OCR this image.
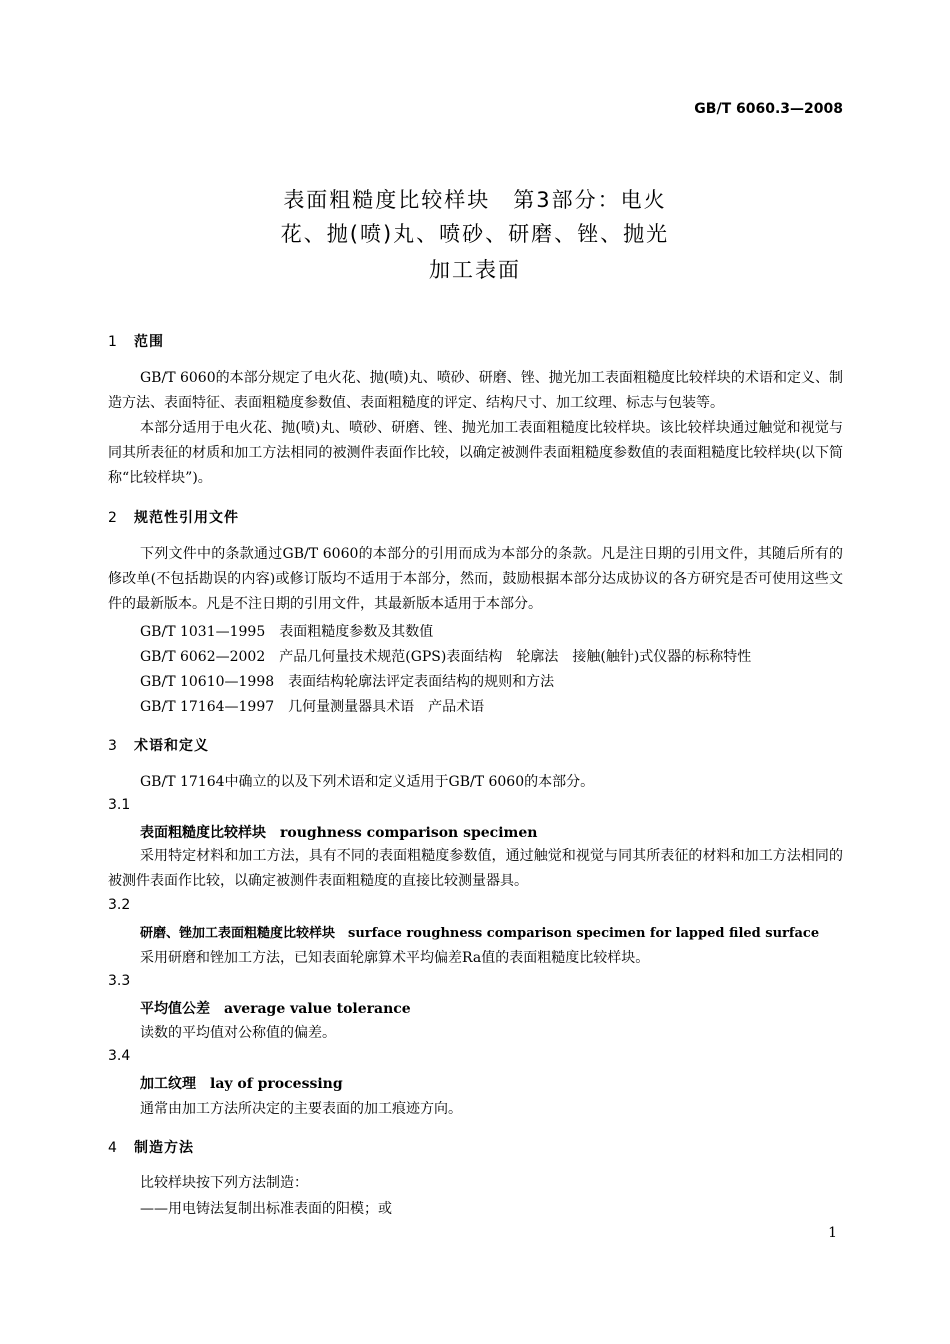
GB/T 6060.3—2008
表面粗糙度比较样块　第3部分：电火
花、抛(喷)丸、喷砂、研磨、锉、抛光
加工表面
1 范围
GB/T 6060的本部分规定了电火花、抛(喷)丸、喷砂、研磨、锉、抛光加工表面粗糙度比较样块的术语和定义、制造方法、表面特征、表面粗糙度参数值、表面粗糙度的评定、结构尺寸、加工纹理、标志与包装等。
本部分适用于电火花、抛(喷)丸、喷砂、研磨、锉、抛光加工表面粗糙度比较样块。该比较样块通过触觉和视觉与同其所表征的材质和加工方法相同的被测件表面作比较，以确定被测件表面粗糙度参数值的表面粗糙度比较样块(以下简称“比较样块”)。
2 规范性引用文件
下列文件中的条款通过GB/T 6060的本部分的引用而成为本部分的条款。凡是注日期的引用文件，其随后所有的修改单(不包括勘误的内容)或修订版均不适用于本部分，然而，鼓励根据本部分达成协议的各方研究是否可使用这些文件的最新版本。凡是不注日期的引用文件，其最新版本适用于本部分。
GB/T 1031—1995　表面粗糙度参数及其数值
GB/T 6062—2002　产品几何量技术规范(GPS)表面结构　轮廓法　接触(触针)式仪器的标称特性
GB/T 10610—1998　表面结构轮廓法评定表面结构的规则和方法
GB/T 17164—1997　几何量测量器具术语　产品术语
3 术语和定义
GB/T 17164中确立的以及下列术语和定义适用于GB/T 6060的本部分。
3.1
表面粗糙度比较样块　 roughness comparison specimen
采用特定材料和加工方法，具有不同的表面粗糙度参数值，通过触觉和视觉与同其所表征的材料和加工方法相同的被测件表面作比较，以确定被测件表面粗糙度的直接比较测量器具。
3.2
研磨、锉加工表面粗糙度比较样块　 surface roughness comparison specimen for lapped filed surface
采用研磨和锉加工方法，已知表面轮廓算术平均偏差Ra值的表面粗糙度比较样块。
3.3
平均值公差　 average value tolerance
读数的平均值对公称值的偏差。
3.4
加工纹理　 lay of processing
通常由加工方法所决定的主要表面的加工痕迹方向。
4 制造方法
比较样块按下列方法制造：
——用电铸法复制出标准表面的阳模；或
1
